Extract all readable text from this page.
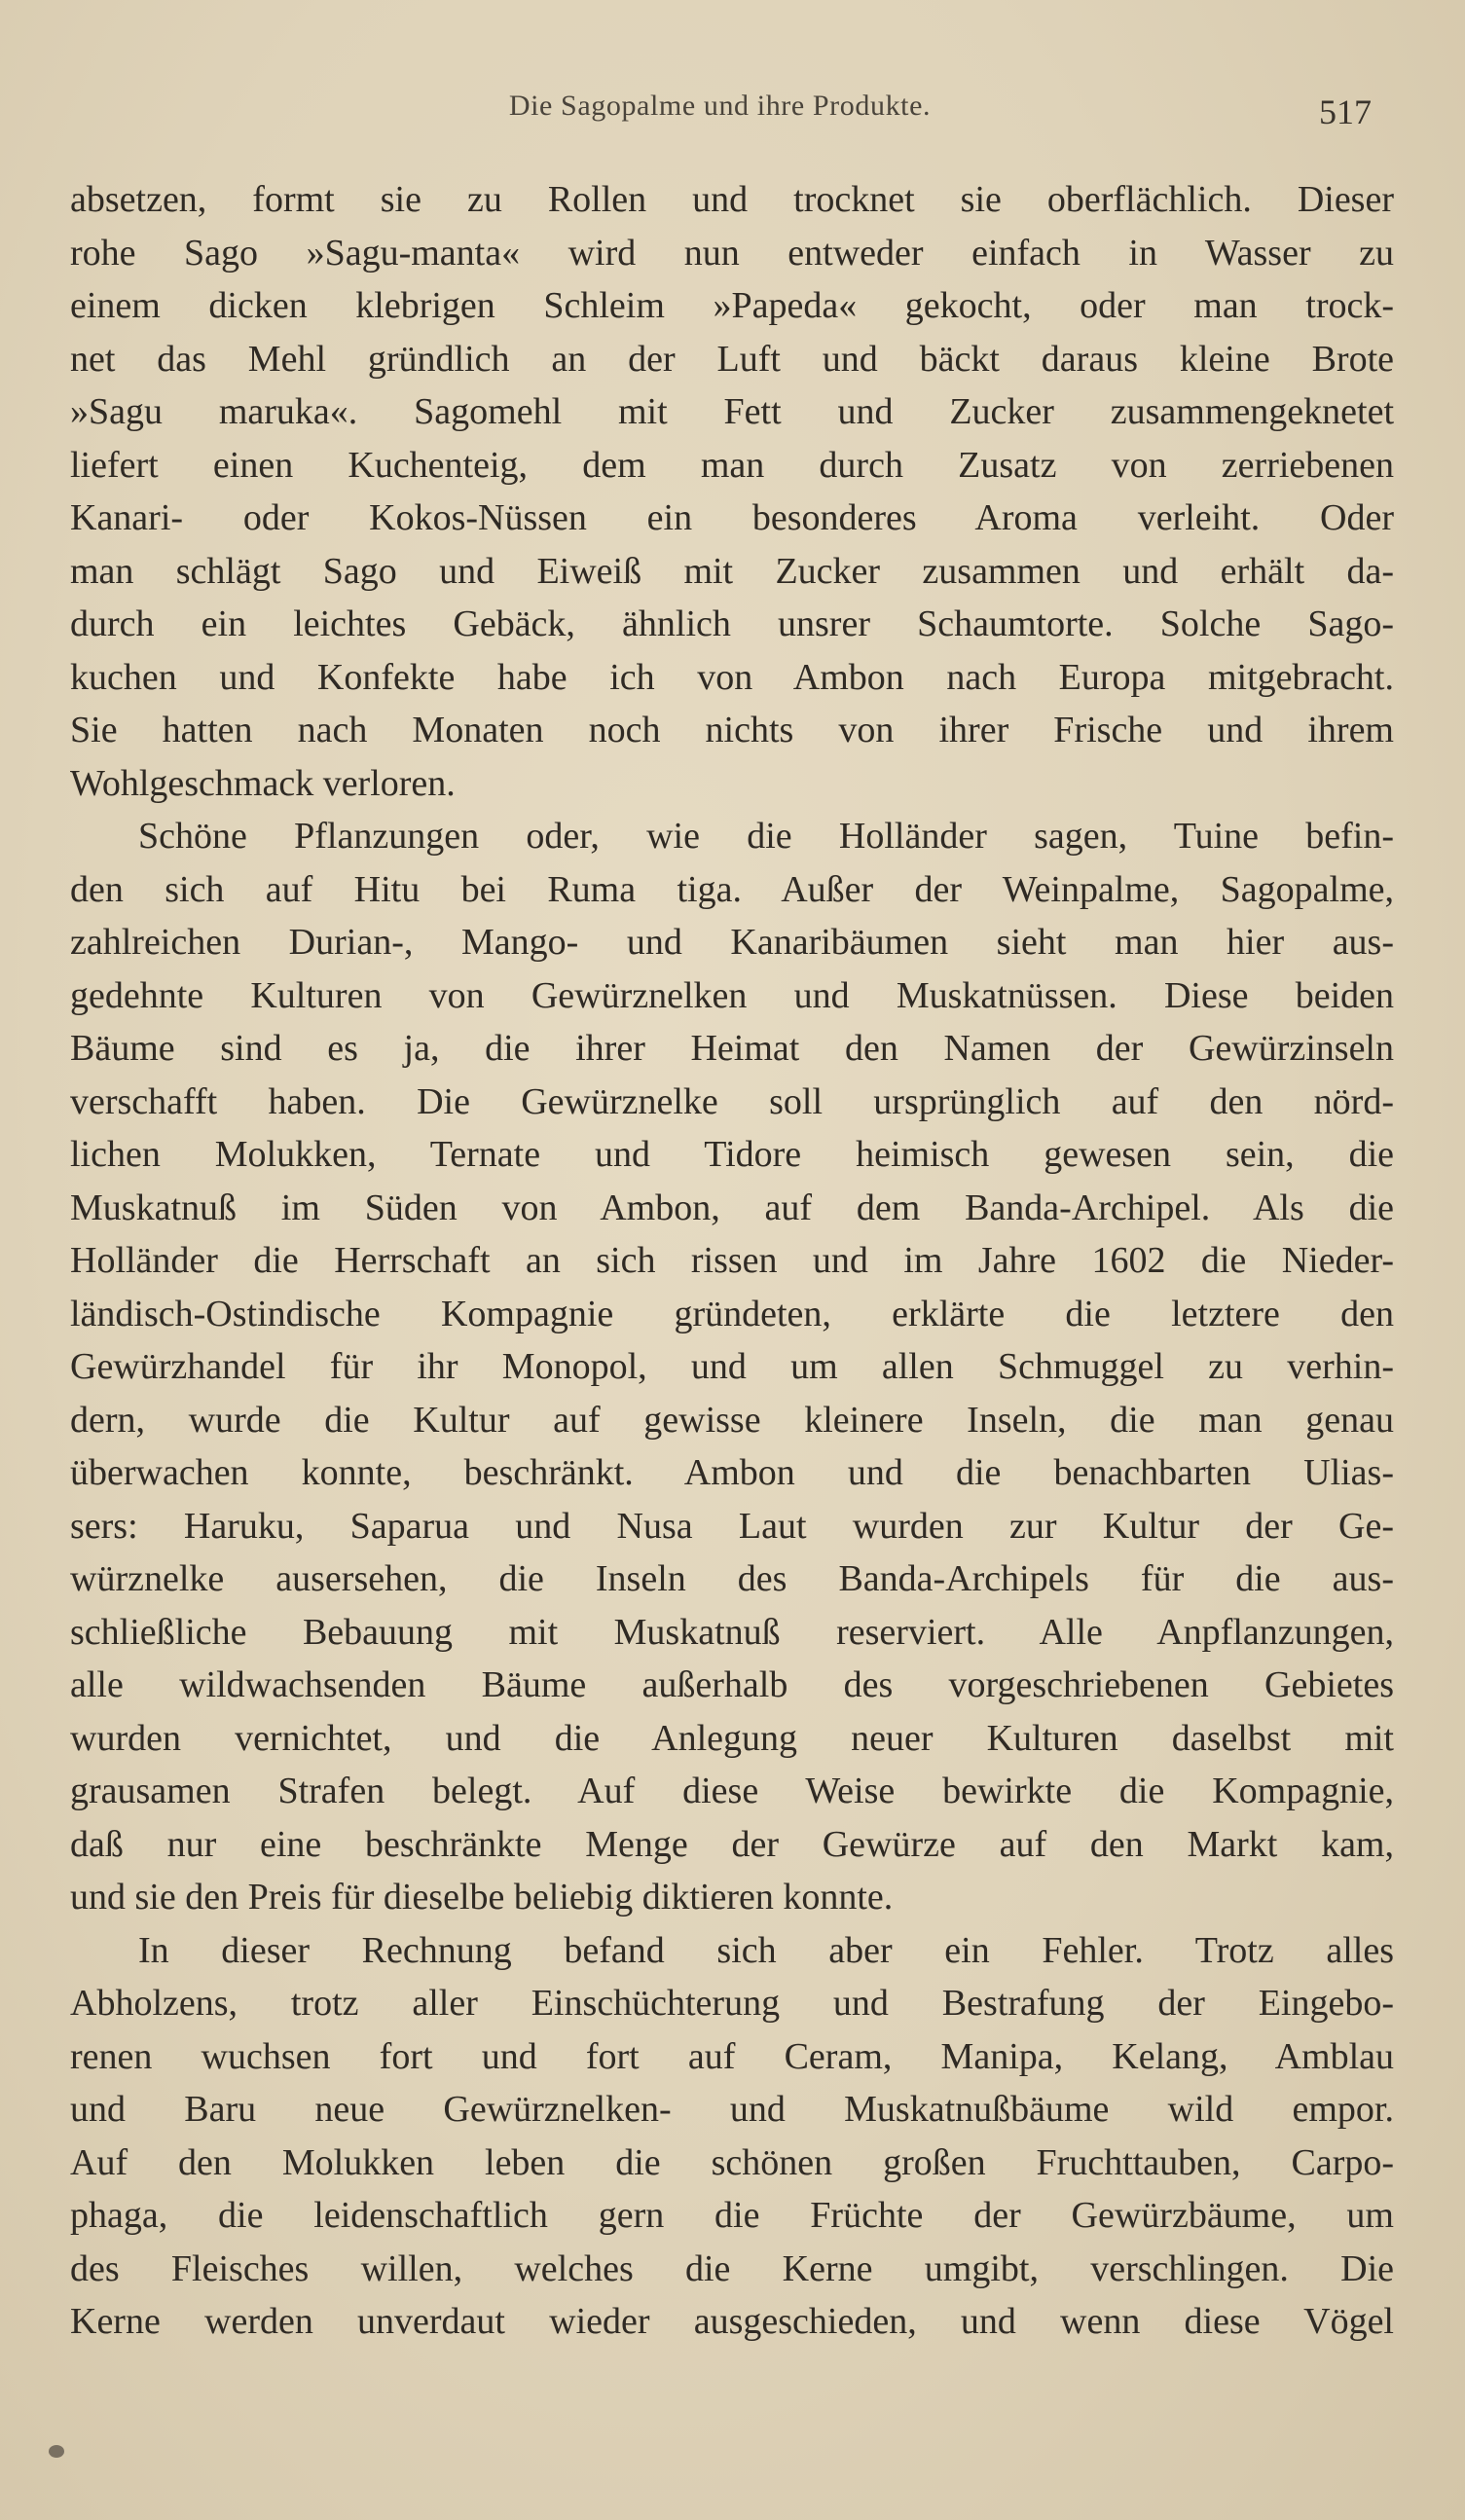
Die Sagopalme und ihre Produkte.	517
absetzen, formt sie zu Rollen und trocknet sie oberflächlich. Dieser
rohe Sago »Sagu-manta« wird nun entweder einfach in Wasser zu
einem dicken klebrigen Schleim »Papeda« gekocht, oder man trock-
net das Mehl gründlich an der Luft und bäckt daraus kleine Brote
»Sagu maruka«. Sagomehl mit Fett und Zucker zusammengeknetet
liefert einen Kuchenteig, dem man durch Zusatz von zerriebenen
Kanari- oder Kokos-Nüssen ein besonderes Aroma verleiht. Oder
man schlägt Sago und Eiweiß mit Zucker zusammen und erhält da-
durch ein leichtes Gebäck, ähnlich unsrer Schaumtorte. Solche Sago-
kuchen und Konfekte habe ich von Ambon nach Europa mitgebracht.
Sie hatten nach Monaten noch nichts von ihrer Frische und ihrem
Wohlgeschmack verloren.
Schöne Pflanzungen oder, wie die Holländer sagen, Tuine befin-
den sich auf Hitu bei Ruma tiga. Außer der Weinpalme, Sagopalme,
zahlreichen Durian-, Mango- und Kanaribäumen sieht man hier aus-
gedehnte Kulturen von Gewürznelken und Muskatnüssen. Diese beiden
Bäume sind es ja, die ihrer Heimat den Namen der Gewürzinseln
verschafft haben. Die Gewürznelke soll ursprünglich auf den nörd-
lichen Molukken, Ternate und Tidore heimisch gewesen sein, die
Muskatnuß im Süden von Ambon, auf dem Banda-Archipel. Als die
Holländer die Herrschaft an sich rissen und im Jahre 1602 die Nieder-
ländisch-Ostindische Kompagnie gründeten, erklärte die letztere den
Gewürzhandel für ihr Monopol, und um allen Schmuggel zu verhin-
dern, wurde die Kultur auf gewisse kleinere Inseln, die man genau
überwachen konnte, beschränkt. Ambon und die benachbarten Ulias-
sers: Haruku, Saparua und Nusa Laut wurden zur Kultur der Ge-
würznelke ausersehen, die Inseln des Banda-Archipels für die aus-
schließliche Bebauung mit Muskatnuß reserviert. Alle Anpflanzungen,
alle wildwachsenden Bäume außerhalb des vorgeschriebenen Gebietes
wurden vernichtet, und die Anlegung neuer Kulturen daselbst mit
grausamen Strafen belegt. Auf diese Weise bewirkte die Kompagnie,
daß nur eine beschränkte Menge der Gewürze auf den Markt kam,
und sie den Preis für dieselbe beliebig diktieren konnte.
In dieser Rechnung befand sich aber ein Fehler. Trotz alles
Abholzens, trotz aller Einschüchterung und Bestrafung der Eingebo-
renen wuchsen fort und fort auf Ceram, Manipa, Kelang, Amblau
und Baru neue Gewürznelken- und Muskatnußbäume wild empor.
Auf den Molukken leben die schönen großen Fruchttauben, Carpo-
phaga, die leidenschaftlich gern die Früchte der Gewürzbäume, um
des Fleisches willen, welches die Kerne umgibt, verschlingen. Die
Kerne werden unverdaut wieder ausgeschieden, und wenn diese Vögel
